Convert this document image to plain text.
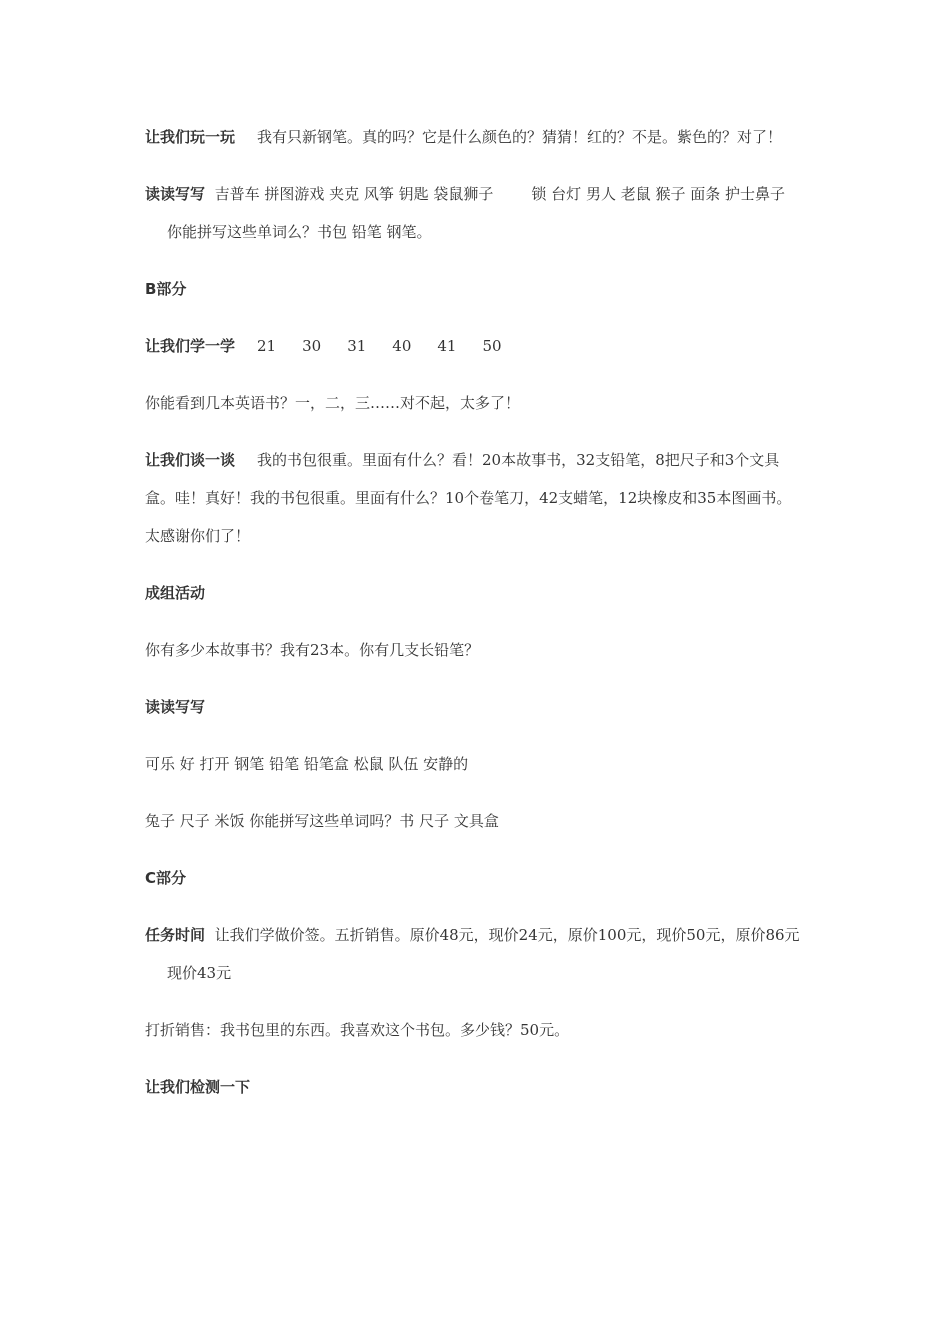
让我们玩一玩 我有只新钢笔。真的吗？它是什么颜色的？猜猜！红的？不是。紫色的？对了！

读读写写 吉普车 拼图游戏 夹克 风筝 钥匙 袋鼠狮子	锁 台灯 男人 老鼠 猴子 面条 护士鼻子你能拼写这些单词么？书包 铅笔 钢笔。

B部分

让我们学一学 21 30 31 40 41 50

你能看到几本英语书？一，二，三……对不起，太多了！

让我们谈一谈 我的书包很重。里面有什么？看！20本故事书，32支铅笔，8把尺子和3个文具盒。哇！真好！我的书包很重。里面有什么？10个卷笔刀，42支蜡笔，12块橡皮和35本图画书。太感谢你们了！

成组活动

你有多少本故事书？我有23本。你有几支长铅笔？

读读写写

可乐 好 打开 钢笔 铅笔 铅笔盒 松鼠 队伍 安静的

兔子 尺子 米饭 你能拼写这些单词吗？书 尺子 文具盒

C部分

任务时间 让我们学做价签。五折销售。原价48元，现价24元，原价100元，现价50元，原价86元现价43元

打折销售：我书包里的东西。我喜欢这个书包。多少钱？50元。

让我们检测一下
